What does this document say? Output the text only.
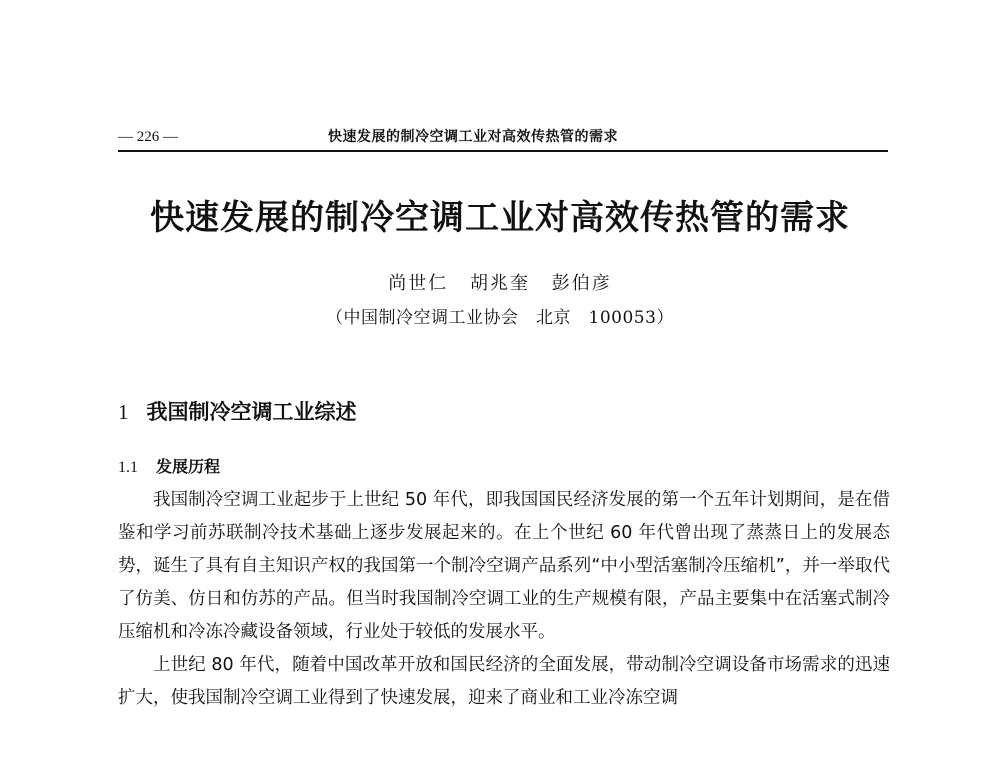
— 226 —	快速发展的制冷空调工业对高效传热管的需求
快速发展的制冷空调工业对高效传热管的需求
尚世仁 胡兆奎 彭伯彦
（中国制冷空调工业协会　北京　100053）
1 我国制冷空调工业综述
1.1 发展历程

我国制冷空调工业起步于上世纪 50 年代，即我国国民经济发展的第一个五年计划期间，是在借鉴和学习前苏联制冷技术基础上逐步发展起来的。在上个世纪 60 年代曾出现了蒸蒸日上的发展态势，诞生了具有自主知识产权的我国第一个制冷空调产品系列“中小型活塞制冷压缩机”，并一举取代了仿美、仿日和仿苏的产品。但当时我国制冷空调工业的生产规模有限，产品主要集中在活塞式制冷压缩机和冷冻冷藏设备领域，行业处于较低的发展水平。

上世纪 80 年代，随着中国改革开放和国民经济的全面发展，带动制冷空调设备市场需求的迅速扩大，使我国制冷空调工业得到了快速发展，迎来了商业和工业冷冻空调
